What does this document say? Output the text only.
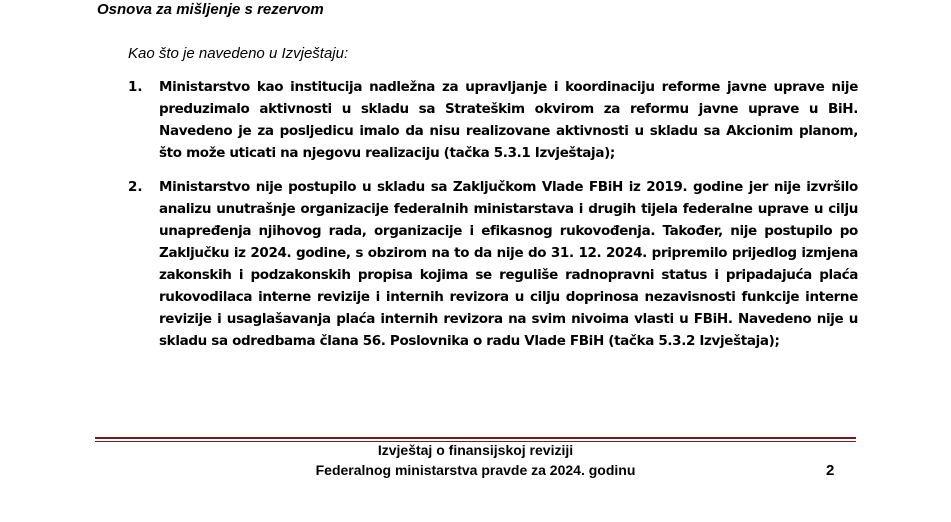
Osnova za mišljenje s rezervom
Kao što je navedeno u Izvještaju:
1. Ministarstvo kao institucija nadležna za upravljanje i koordinaciju reforme javne uprave nije preduzimalo aktivnosti u skladu sa Strateškim okvirom za reformu javne uprave u BiH. Navedeno je za posljedicu imalo da nisu realizovane aktivnosti u skladu sa Akcionim planom, što može uticati na njegovu realizaciju (tačka 5.3.1 Izvještaja);
2. Ministarstvo nije postupilo u skladu sa Zaključkom Vlade FBiH iz 2019. godine jer nije izvršilo analizu unutrašnje organizacije federalnih ministarstava i drugih tijela federalne uprave u cilju unapređenja njihovog rada, organizacije i efikasnog rukovođenja. Također, nije postupilo po Zaključku iz 2024. godine, s obzirom na to da nije do 31. 12. 2024. pripremilo prijedlog izmjena zakonskih i podzakonskih propisa kojima se reguliše radnopravni status i pripadajuća plaća rukovodilaca interne revizije i internih revizora u cilju doprinosa nezavisnosti funkcije interne revizije i usaglašavanja plaća internih revizora na svim nivoima vlasti u FBiH. Navedeno nije u skladu sa odredbama člana 56. Poslovnika o radu Vlade FBiH (tačka 5.3.2 Izvještaja);
Izvještaj o finansijskoj reviziji
Federalnog ministarstva pravde za 2024. godinu	2
